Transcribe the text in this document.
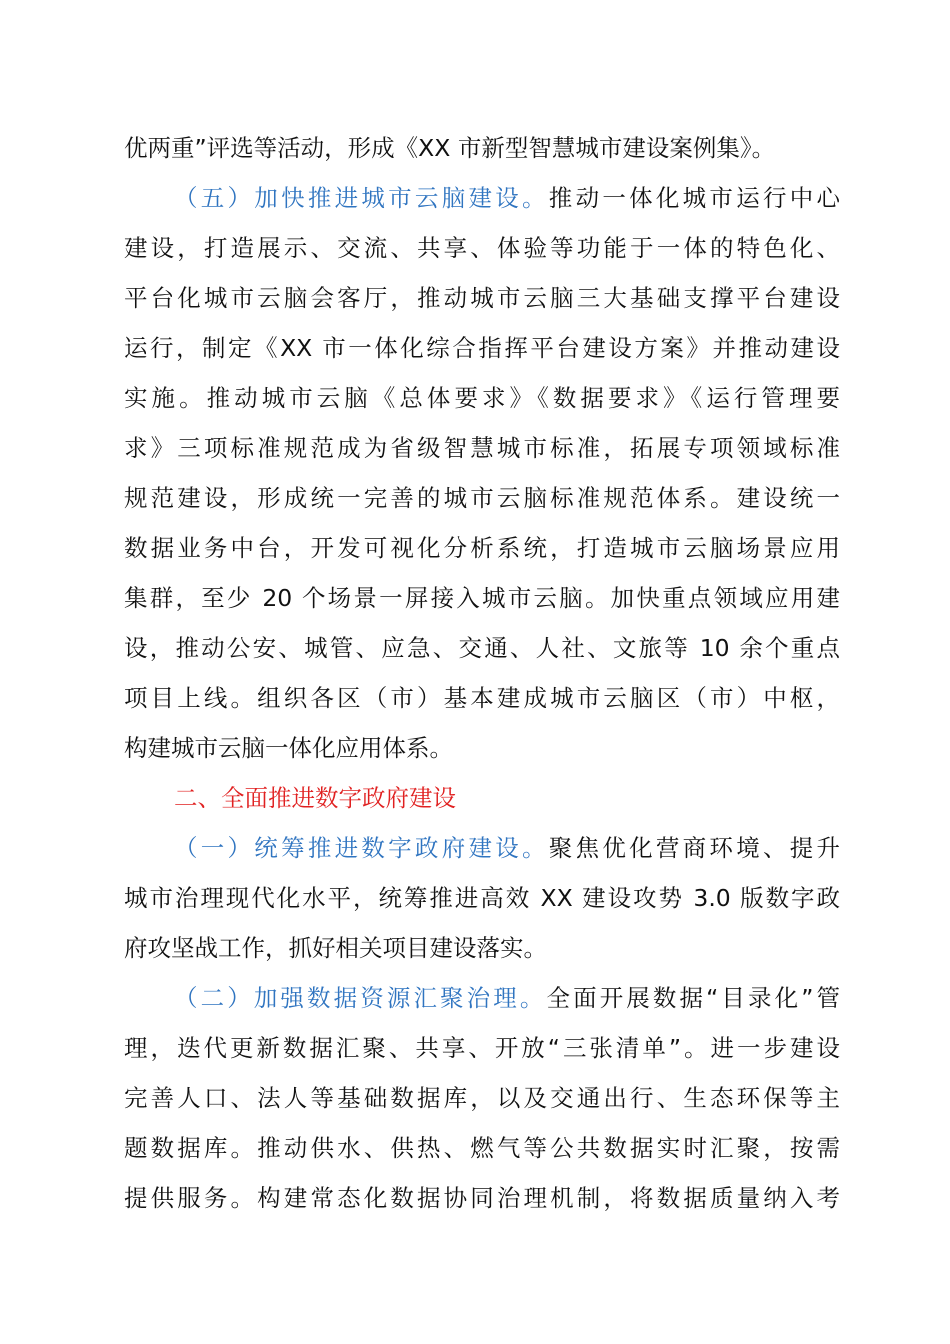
优两重”评选等活动，形成《XX 市新型智慧城市建设案例集》。
（五）加快推进城市云脑建设。推动一体化城市运行中心
建设，打造展示、交流、共享、体验等功能于一体的特色化、
平台化城市云脑会客厅，推动城市云脑三大基础支撑平台建设
运行，制定《XX 市一体化综合指挥平台建设方案》并推动建设
实施。推动城市云脑《总体要求》《数据要求》《运行管理要
求》三项标准规范成为省级智慧城市标准，拓展专项领域标准
规范建设，形成统一完善的城市云脑标准规范体系。建设统一
数据业务中台，开发可视化分析系统，打造城市云脑场景应用
集群，至少 20 个场景一屏接入城市云脑。加快重点领域应用建
设，推动公安、城管、应急、交通、人社、文旅等 10 余个重点
项目上线。组织各区（市）基本建成城市云脑区（市）中枢，
构建城市云脑一体化应用体系。
二、全面推进数字政府建设
（一）统筹推进数字政府建设。聚焦优化营商环境、提升
城市治理现代化水平，统筹推进高效 XX 建设攻势 3.0 版数字政
府攻坚战工作，抓好相关项目建设落实。
（二）加强数据资源汇聚治理。全面开展数据“目录化”管
理，迭代更新数据汇聚、共享、开放“三张清单”。进一步建设
完善人口、法人等基础数据库，以及交通出行、生态环保等主
题数据库。推动供水、供热、燃气等公共数据实时汇聚，按需
提供服务。构建常态化数据协同治理机制，将数据质量纳入考
